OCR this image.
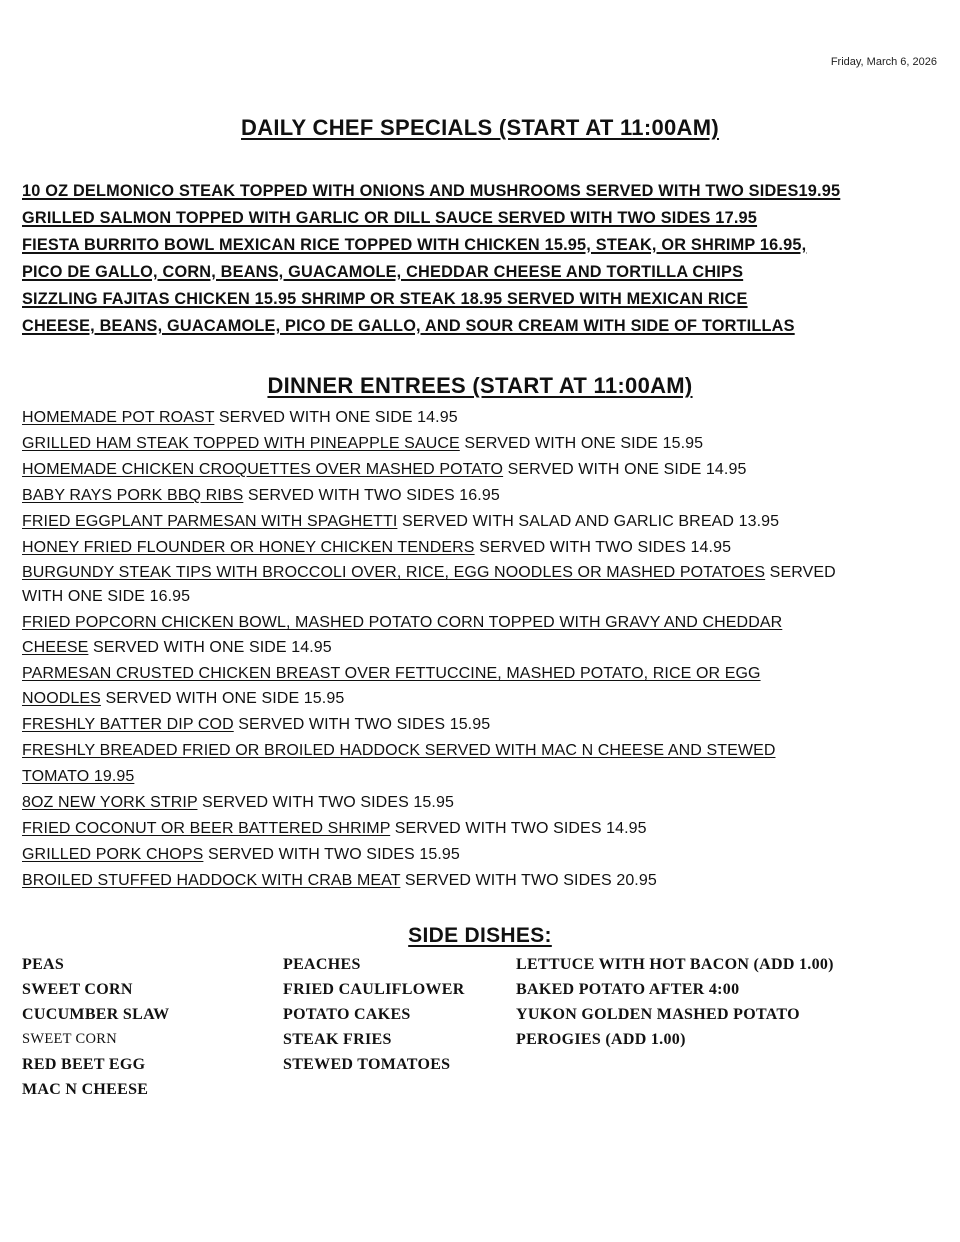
Friday, March 6, 2026
DAILY CHEF SPECIALS (START AT 11:00AM)
10 OZ DELMONICO STEAK TOPPED WITH ONIONS AND MUSHROOMS SERVED WITH TWO SIDES19.95
GRILLED SALMON TOPPED WITH GARLIC OR DILL SAUCE SERVED WITH TWO SIDES 17.95
FIESTA BURRITO BOWL MEXICAN RICE TOPPED WITH CHICKEN 15.95, STEAK, OR SHRIMP 16.95,
PICO DE GALLO, CORN, BEANS, GUACAMOLE, CHEDDAR CHEESE AND TORTILLA CHIPS
SIZZLING FAJITAS CHICKEN 15.95 SHRIMP OR STEAK 18.95 SERVED WITH MEXICAN RICE
CHEESE, BEANS, GUACAMOLE, PICO DE GALLO, AND SOUR CREAM WITH SIDE OF TORTILLAS
DINNER ENTREES (START AT 11:00AM)
HOMEMADE POT ROAST SERVED WITH ONE SIDE 14.95
GRILLED HAM STEAK TOPPED WITH PINEAPPLE SAUCE SERVED WITH ONE SIDE 15.95
HOMEMADE CHICKEN CROQUETTES OVER MASHED POTATO SERVED WITH ONE SIDE 14.95
BABY RAYS PORK BBQ RIBS SERVED WITH TWO SIDES 16.95
FRIED EGGPLANT PARMESAN WITH SPAGHETTI SERVED WITH SALAD AND GARLIC BREAD 13.95
HONEY FRIED FLOUNDER OR HONEY CHICKEN TENDERS SERVED WITH TWO SIDES 14.95
BURGUNDY STEAK TIPS WITH BROCCOLI OVER, RICE, EGG NOODLES OR MASHED POTATOES SERVED
WITH ONE SIDE 16.95
FRIED POPCORN CHICKEN BOWL, MASHED POTATO CORN TOPPED WITH GRAVY AND CHEDDAR
CHEESE SERVED WITH ONE SIDE 14.95
PARMESAN CRUSTED CHICKEN BREAST OVER FETTUCCINE, MASHED POTATO, RICE OR EGG
NOODLES SERVED WITH ONE SIDE 15.95
FRESHLY BATTER DIP COD SERVED WITH TWO SIDES 15.95
FRESHLY BREADED FRIED OR BROILED HADDOCK SERVED WITH MAC N CHEESE AND STEWED
TOMATO 19.95
8OZ NEW YORK STRIP SERVED WITH TWO SIDES 15.95
FRIED COCONUT OR BEER BATTERED SHRIMP SERVED WITH TWO SIDES 14.95
GRILLED PORK CHOPS SERVED WITH TWO SIDES 15.95
BROILED STUFFED HADDOCK WITH CRAB MEAT SERVED WITH TWO SIDES 20.95
SIDE DISHES:
PEAS
SWEET CORN
CUCUMBER SLAW
SWEET CORN
RED BEET EGG
MAC N CHEESE
PEACHES
FRIED CAULIFLOWER
POTATO CAKES
STEAK FRIES
STEWED TOMATOES
LETTUCE WITH HOT BACON (ADD 1.00)
BAKED POTATO AFTER 4:00
YUKON GOLDEN MASHED POTATO
PEROGIES (ADD 1.00)
